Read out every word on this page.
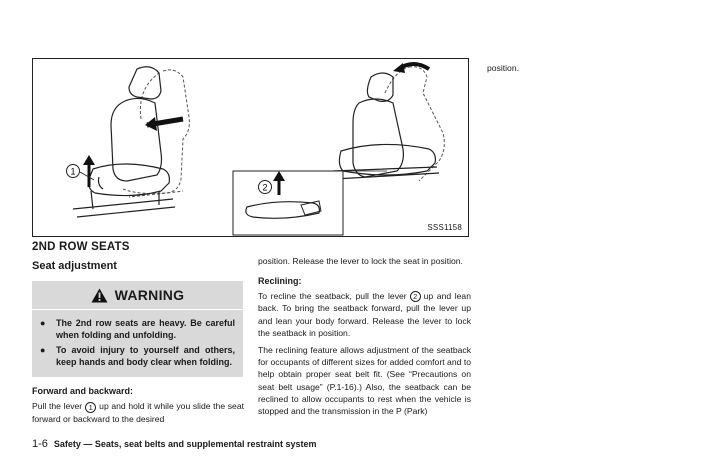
1
2
SSS1158
2ND ROW SEATS
Seat adjustment
WARNING
●	The 2nd row seats are heavy. Be careful when folding and unfolding.
●	To avoid injury to yourself and others, keep hands and body clear when folding.
Forward and backward:

Pull the lever 1 up and hold it while you slide the seat forward or backward to the desired

position. Release the lever to lock the seat in position.

Reclining:

To recline the seatback, pull the lever 2 up and lean back. To bring the seatback forward, pull the lever up and lean your body forward. Release the lever to lock the seatback in position.

The reclining feature allows adjustment of the seatback for occupants of different sizes for added comfort and to help obtain proper seat belt fit. (See “Precautions on seat belt usage” (P.1-16).) Also, the seatback can be reclined to allow occupants to rest when the vehicle is stopped and the transmission in the P (Park)

position.

1-6 Safety — Seats, seat belts and supplemental restraint system
